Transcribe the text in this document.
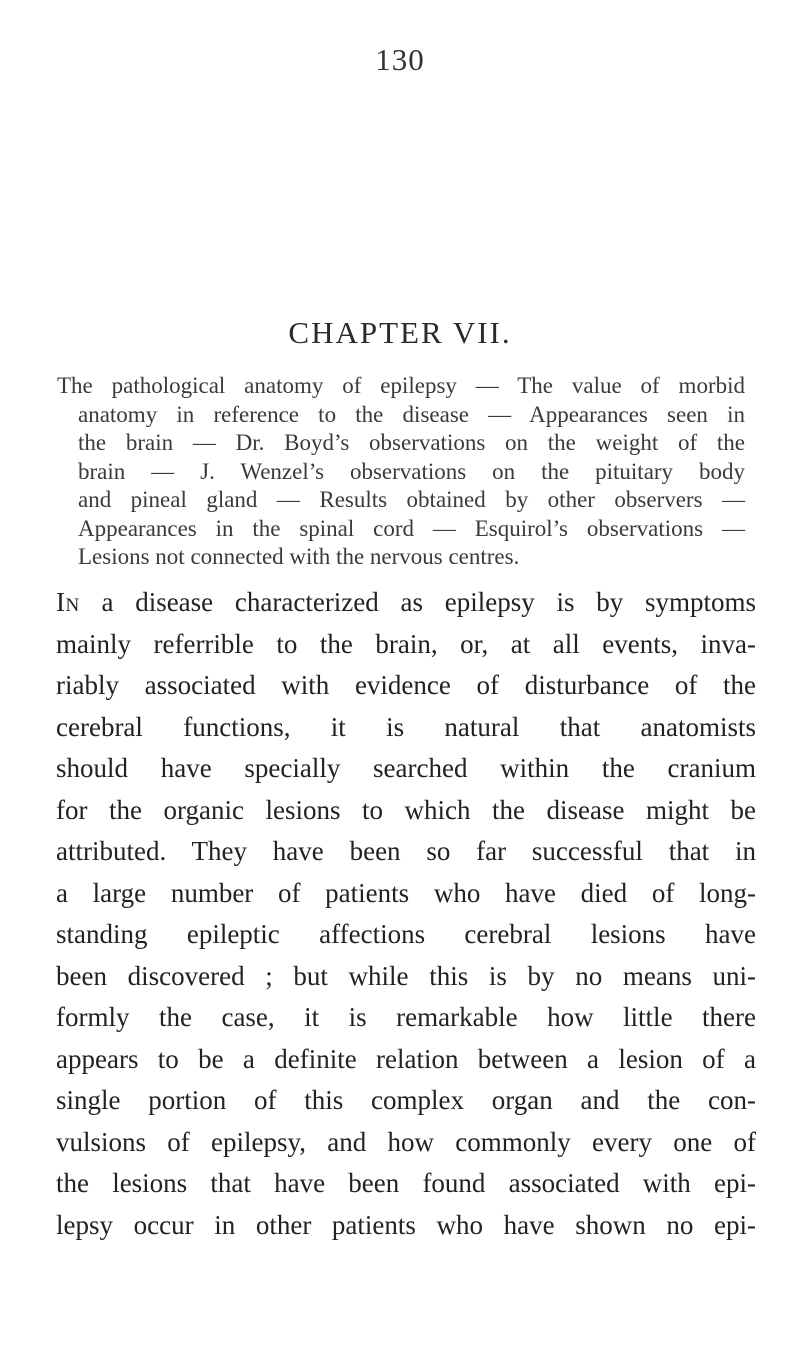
130
CHAPTER VII.
The pathological anatomy of epilepsy — The value of morbid
anatomy in reference to the disease — Appearances seen in
the brain — Dr. Boyd’s observations on the weight of the
brain — J. Wenzel’s observations on the pituitary body
and pineal gland — Results obtained by other observers —
Appearances in the spinal cord — Esquirol’s observations —
Lesions not connected with the nervous centres.
In a disease characterized as epilepsy is by symptoms
mainly referrible to the brain, or, at all events, inva-
riably associated with evidence of disturbance of the
cerebral functions, it is natural that anatomists
should have specially searched within the cranium
for the organic lesions to which the disease might be
attributed. They have been so far successful that in
a large number of patients who have died of long-
standing epileptic affections cerebral lesions have
been discovered ; but while this is by no means uni-
formly the case, it is remarkable how little there
appears to be a definite relation between a lesion of a
single portion of this complex organ and the con-
vulsions of epilepsy, and how commonly every one of
the lesions that have been found associated with epi-
lepsy occur in other patients who have shown no epi-
